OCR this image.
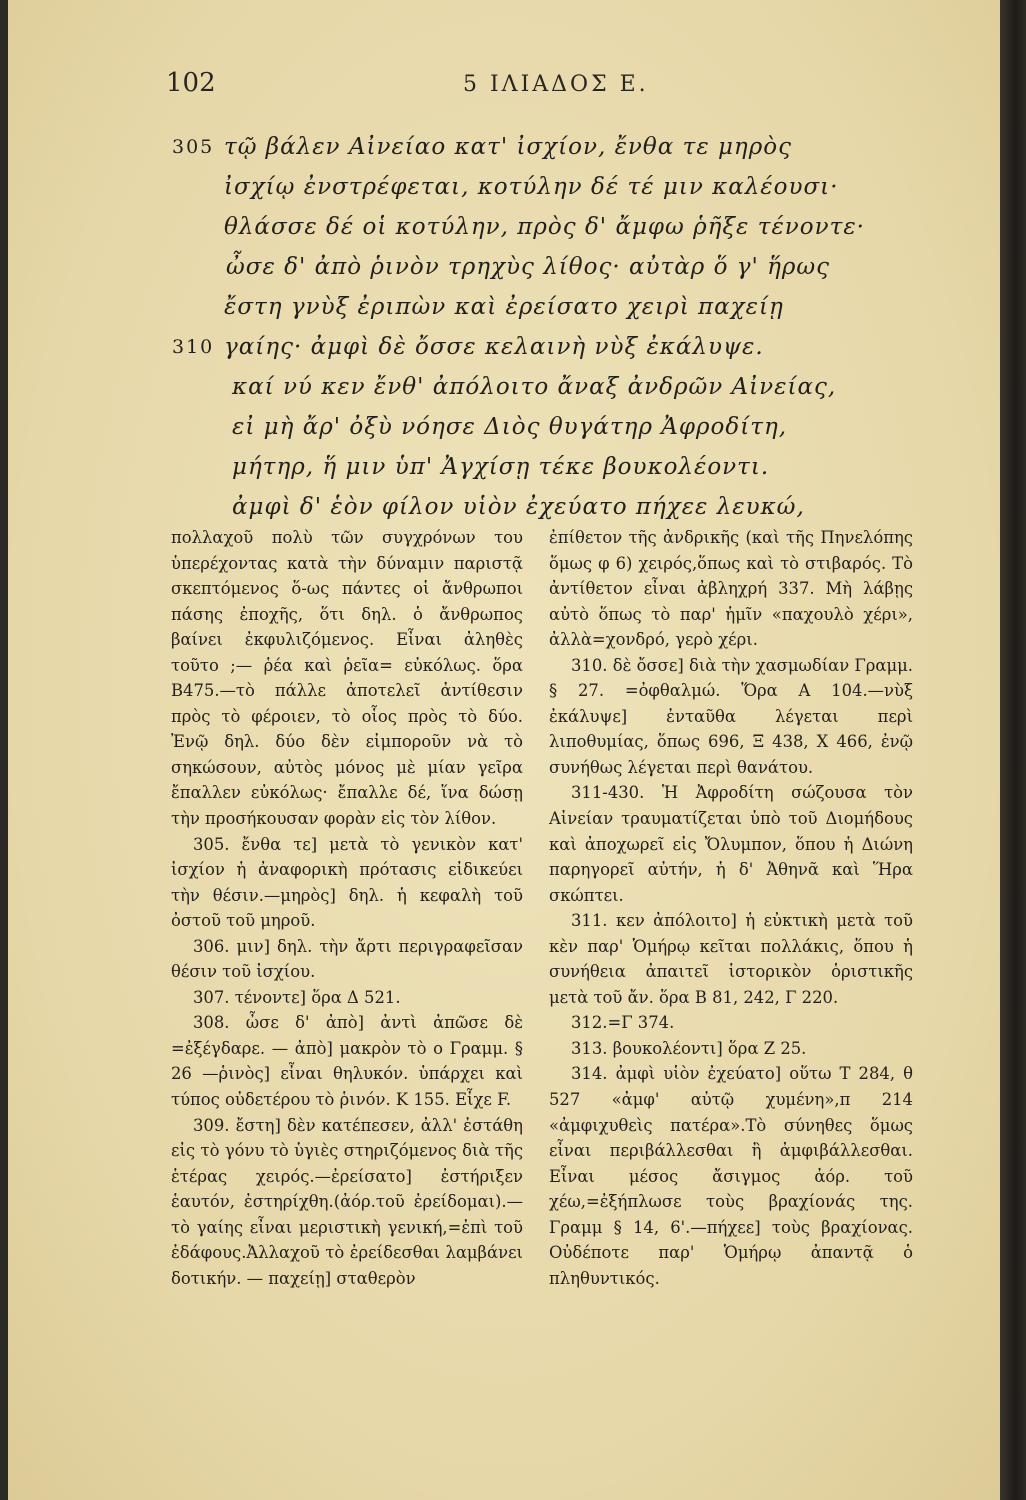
102	5 ΙΛΙΑΔΟΣ Ε.
305 τῷ βάλεν Αἰνείαο κατ' ἰσχίον, ἔνθα τε μηρὸς
ἰσχίῳ ἐνστρέφεται, κοτύλην δέ τέ μιν καλέουσι·
θλάσσε δέ οἱ κοτύλην, πρὸς δ' ἄμφω ῥῆξε τένοντε·
ὦσε δ' ἀπὸ ῥινὸν τρηχὺς λίθος· αὐτὰρ ὅ γ' ἥρως
ἔστη γνὺξ ἐριπὼν καὶ ἐρείσατο χειρὶ παχείῃ
310 γαίης· ἀμφὶ δὲ ὄσσε κελαινὴ νὺξ ἐκάλυψε.
καί νύ κεν ἔνθ' ἀπόλοιτο ἄναξ ἀνδρῶν Αἰνείας,
εἰ μὴ ἄρ' ὀξὺ νόησε Διὸς θυγάτηρ Ἀφροδίτη,
μήτηρ, ἥ μιν ὑπ' Ἀγχίσῃ τέκε βουκολέοντι.
ἀμφὶ δ' ἑὸν φίλον υἱὸν ἐχεύατο πήχεε λευκώ,

πολλαχοῦ πολὺ τῶν συγχρόνων του ὑπερέχοντας κατὰ τὴν δύναμιν παριστᾷ σκεπτόμενος ὅ-ως πάντες οἱ ἄνθρωποι πάσης ἐποχῆς, ὅτι δηλ. ὁ ἄνθρωπος βαίνει ἐκφυλιζόμενος. Εἶναι ἀληθὲς τοῦτο ;— ῥέα καὶ ῥεῖα= εὐκόλως. ὅρα Β475.—τὸ πάλλε ἀποτελεῖ ἀντίθεσιν πρὸς τὸ φέροιεν, τὸ οἷος πρὸς τὸ δύο. Ἐνῷ δηλ. δύο δὲν εἰμποροῦν νὰ τὸ σηκώσουν, αὐτὸς μόνος μὲ μίαν γεῖρα ἔπαλλεν εὐκόλως· ἔπαλλε δέ, ἵνα δώσῃ τὴν προσήκουσαν φορὰν εἰς τὸν λίθον.

305. ἔνθα τε] μετὰ τὸ γενικὸν κατ' ἰσχίον ἡ ἀναφορικὴ πρότασις εἰδικεύει τὴν θέσιν.—μηρὸς] δηλ. ἡ κεφαλὴ τοῦ ὀστοῦ τοῦ μηροῦ.

306. μιν] δηλ. τὴν ἄρτι περιγραφεῖσαν θέσιν τοῦ ἰσχίου.

307. τένοντε] ὅρα Δ 521.

308. ὦσε δ' ἀπὸ] ἀντὶ ἀπῶσε δὲ =ἐξέγδαρε. — ἀπὸ] μακρὸν τὸ ο Γραμμ. § 26 —ῥινὸς] εἶναι θηλυκόν. ὑπάρχει καὶ τύπος οὐδετέρου τὸ ῥινόν. Κ 155. Εἶχε F.

309. ἔστη] δὲν κατέπεσεν, ἀλλ' ἐστάθη εἰς τὸ γόνυ τὸ ὑγιὲς στηριζόμενος διὰ τῆς ἑτέρας χειρός.—ἐρείσατο] ἐστήριξεν ἑαυτόν, ἐστηρίχθη.(ἀόρ.τοῦ ἐρείδομαι).—τὸ γαίης εἶναι μεριστικὴ γενική,=ἐπὶ τοῦ ἐδάφους.Ἀλλαχοῦ τὸ ἐρείδεσθαι λαμβάνει δοτικήν. — παχείῃ] σταθερὸν

ἐπίθετον τῆς ἀνδρικῆς (καὶ τῆς Πηνελόπης ὅμως φ 6) χειρός,ὅπως καὶ τὸ στιβαρός. Τὸ ἀντίθετον εἶναι ἀβληχρή 337. Μὴ λάβῃς αὐτὸ ὅπως τὸ παρ' ἡμῖν «παχουλὸ χέρι», ἀλλὰ=χονδρό, γερὸ χέρι.

310. δὲ ὄσσε] διὰ τὴν χασμωδίαν Γραμμ. § 27. =ὀφθαλμώ. Ὅρα Α 104.—νὺξ ἐκάλυψε] ἐνταῦθα λέγεται περὶ λιποθυμίας, ὅπως 696, Ξ 438, Χ 466, ἐνῷ συνήθως λέγεται περὶ θανάτου.

311-430. Ἡ Ἀφροδίτη σώζουσα τὸν Αἰνείαν τραυματίζεται ὑπὸ τοῦ Διομήδους καὶ ἀποχωρεῖ εἰς Ὄλυμπον, ὅπου ἡ Διώνη παρηγορεῖ αὐτήν, ἡ δ' Ἀθηνᾶ καὶ Ἥρα σκώπτει.

311. κεν ἀπόλοιτο] ἡ εὐκτικὴ μετὰ τοῦ κὲν παρ' Ὁμήρῳ κεῖται πολλάκις, ὅπου ἡ συνήθεια ἀπαιτεῖ ἱστορικὸν ὁριστικῆς μετὰ τοῦ ἄν. ὅρα Β 81, 242, Γ 220.

312.=Γ 374.

313. βουκολέοντι] ὅρα Ζ 25.

314. ἀμφὶ υἱὸν ἐχεύατο] οὕτω Τ 284, θ 527 «ἀμφ' αὐτῷ χυμένη»,π 214 «ἀμφιχυθεὶς πατέρα».Τὸ σύνηθες ὅμως εἶναι περιβάλλεσθαι ἢ ἀμφιβάλλεσθαι. Εἶναι μέσος ἄσιγμος ἀόρ. τοῦ χέω,=ἐξήπλωσε τοὺς βραχίονάς της. Γραμμ § 14, 6'.—πήχεε] τοὺς βραχίονας. Οὐδέποτε παρ' Ὁμήρῳ ἀπαντᾷ ὁ πληθυντικός.
